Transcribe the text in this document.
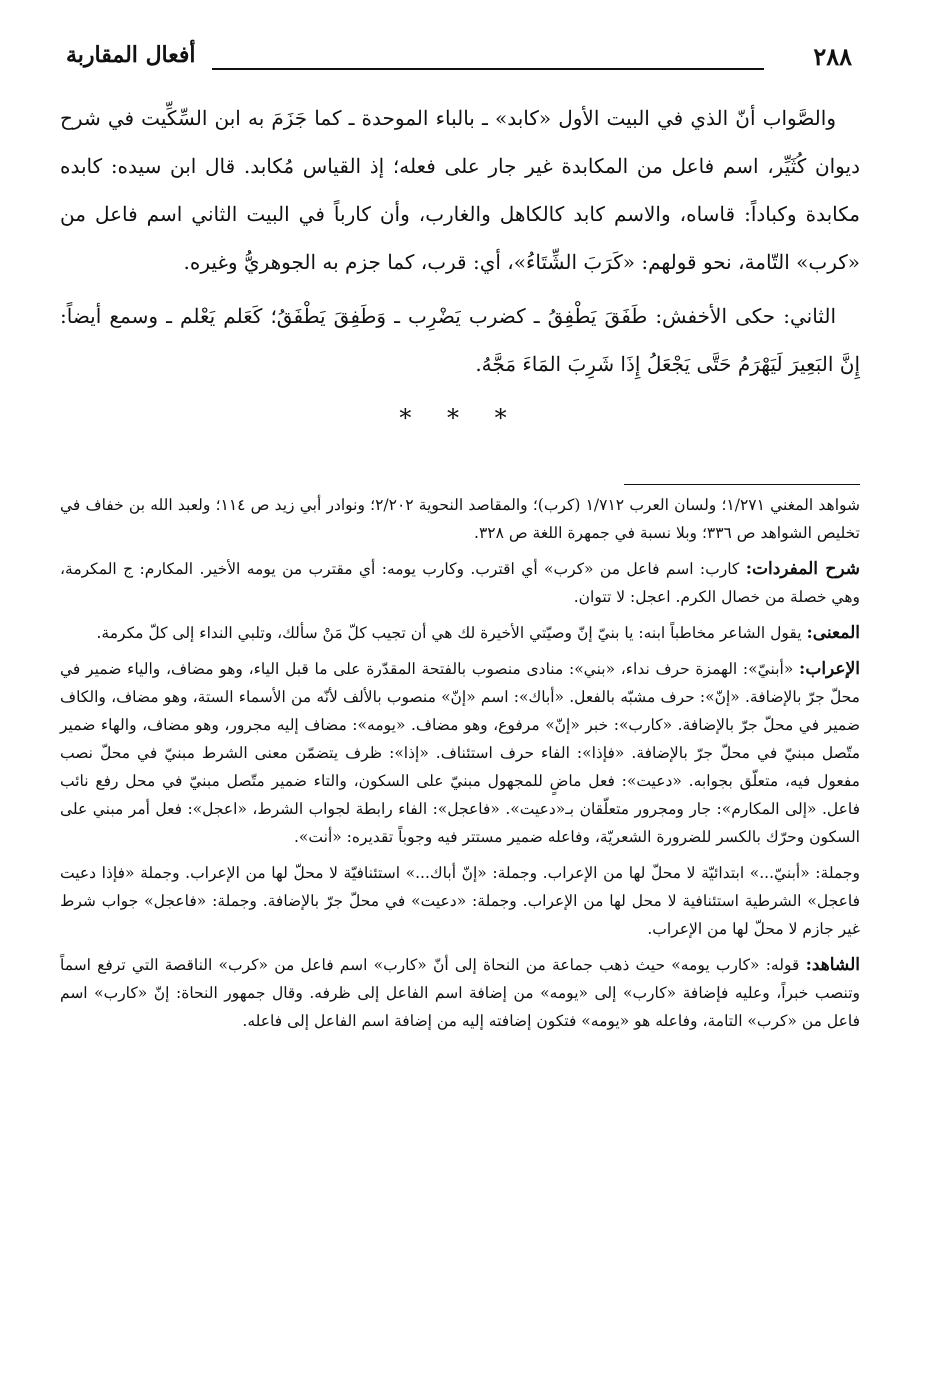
٢٨٨
أفعال المقاربة

والصَّواب أنّ الذي في البيت الأول «كابد» ـ بالباء الموحدة ـ كما جَزَمَ به ابن السِّكِّيت في شرح ديوان كُثَيِّر، اسم فاعل من المكابدة غير جار على فعله؛ إذ القياس مُكابد. قال ابن سيده: كابده مكابدة وكباداً: قاساه، والاسم كابد كالكاهل والغارب، وأن كارباً في البيت الثاني اسم فاعل من «كرب» التّامة، نحو قولهم: «كَرَبَ الشِّتَاءُ»، أي: قرب، كما جزم به الجوهريُّ وغيره.

الثاني: حكى الأخفش: طَفَقَ يَطْفِقُ ـ كضرب يَضْرِب ـ وَطَفِقَ يَطْفَقُ؛ كَعَلم يَعْلم ـ وسمع أيضاً: إِنَّ البَعِيرَ لَيَهْرَمُ حَتَّى يَجْعَلُ إِذَا شَرِبَ المَاءَ مَجَّهُ.

* * *

شواهد المغني ١/٢٧١؛ ولسان العرب ١/٧١٢ (كرب)؛ والمقاصد النحوية ٢/٢٠٢؛ ونوادر أبي زيد ص ١١٤؛ ولعبد الله بن خفاف في تخليص الشواهد ص ٣٣٦؛ وبلا نسبة في جمهرة اللغة ص ٣٢٨.

شرح المفردات: كارب: اسم فاعل من «كرب» أي اقترب. وكارب يومه: أي مقترب من يومه الأخير. المكارم: ج المكرمة، وهي خصلة من خصال الكرم. اعجل: لا تتوان.

المعنى: يقول الشاعر مخاطباً ابنه: يا بنيّ إنّ وصيّتي الأخيرة لك هي أن تجيب كلّ مَنْ سألك، وتلبي النداء إلى كلّ مكرمة.

الإعراب: «أبنيّ»: الهمزة حرف نداء، «بني»: منادى منصوب بالفتحة المقدّرة على ما قبل الياء، وهو مضاف، والياء ضمير في محلّ جرّ بالإضافة. «إنّ»: حرف مشبّه بالفعل. «أباك»: اسم «إنّ» منصوب بالألف لأنّه من الأسماء الستة، وهو مضاف، والكاف ضمير في محلّ جرّ بالإضافة. «كارب»: خبر «إنّ» مرفوع، وهو مضاف. «يومه»: مضاف إليه مجرور، وهو مضاف، والهاء ضمير متّصل مبنيّ في محلّ جرّ بالإضافة. «فإذا»: الفاء حرف استئناف. «إذا»: ظرف يتضمّن معنى الشرط مبنيّ في محلّ نصب مفعول فيه، متعلّق بجوابه. «دعيت»: فعل ماضٍ للمجهول مبنيّ على السكون، والتاء ضمير متّصل مبنيّ في محل رفع نائب فاعل. «إلى المكارم»: جار ومجرور متعلّقان بـ«دعيت». «فاعجل»: الفاء رابطة لجواب الشرط، «اعجل»: فعل أمر مبني على السكون وحرّك بالكسر للضرورة الشعريّة، وفاعله ضمير مستتر فيه وجوباً تقديره: «أنت».

وجملة: «أبنيّ...» ابتدائيّة لا محلّ لها من الإعراب. وجملة: «إنّ أباك...» استئنافيّة لا محلّ لها من الإعراب. وجملة «فإذا دعيت فاعجل» الشرطية استئنافية لا محل لها من الإعراب. وجملة: «دعيت» في محلّ جرّ بالإضافة. وجملة: «فاعجل» جواب شرط غير جازم لا محلّ لها من الإعراب.

الشاهد: قوله: «كارب يومه» حيث ذهب جماعة من النحاة إلى أنّ «كارب» اسم فاعل من «كرب» الناقصة التي ترفع اسماً وتنصب خبراً، وعليه فإضافة «كارب» إلى «يومه» من إضافة اسم الفاعل إلى ظرفه. وقال جمهور النحاة: إنّ «كارب» اسم فاعل من «كرب» التامة، وفاعله هو «يومه» فتكون إضافته إليه من إضافة اسم الفاعل إلى فاعله.
